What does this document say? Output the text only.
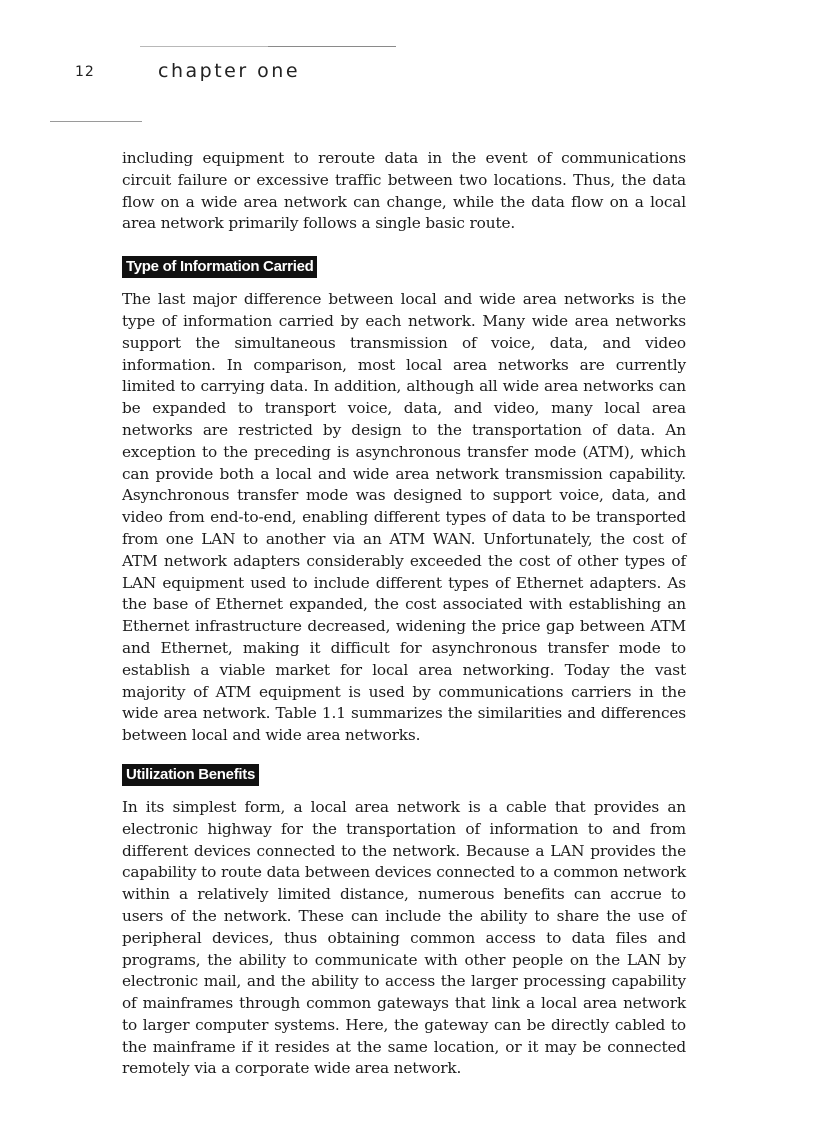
12	chapter one

including equipment to reroute data in the event of communications circuit failure or excessive traffic between two locations. Thus, the data flow on a wide area network can change, while the data flow on a local area network primarily follows a single basic route.

Type of Information Carried

The last major difference between local and wide area networks is the type of information carried by each network. Many wide area networks support the simultaneous transmission of voice, data, and video information. In comparison, most local area networks are currently limited to carrying data. In addition, although all wide area networks can be expanded to transport voice, data, and video, many local area networks are restricted by design to the transportation of data. An exception to the preceding is asynchronous transfer mode (ATM), which can provide both a local and wide area network transmission capability. Asynchronous transfer mode was designed to support voice, data, and video from end-to-end, enabling different types of data to be transported from one LAN to another via an ATM WAN. Unfortunately, the cost of ATM network adapters considerably exceeded the cost of other types of LAN equipment used to include different types of Ethernet adapters. As the base of Ethernet expanded, the cost associated with establishing an Ethernet infrastructure decreased, widening the price gap between ATM and Ethernet, making it difficult for asynchronous transfer mode to establish a viable market for local area networking. Today the vast majority of ATM equipment is used by communications carriers in the wide area network. Table 1.1 summarizes the similarities and differences between local and wide area networks.

Utilization Benefits

In its simplest form, a local area network is a cable that provides an electronic highway for the transportation of information to and from different devices connected to the network. Because a LAN provides the capability to route data between devices connected to a common network within a relatively limited distance, numerous benefits can accrue to users of the network. These can include the ability to share the use of peripheral devices, thus obtaining common access to data files and programs, the ability to communicate with other people on the LAN by electronic mail, and the ability to access the larger processing capability of mainframes through common gateways that link a local area network to larger computer systems. Here, the gateway can be directly cabled to the mainframe if it resides at the same location, or it may be connected remotely via a corporate wide area network.
